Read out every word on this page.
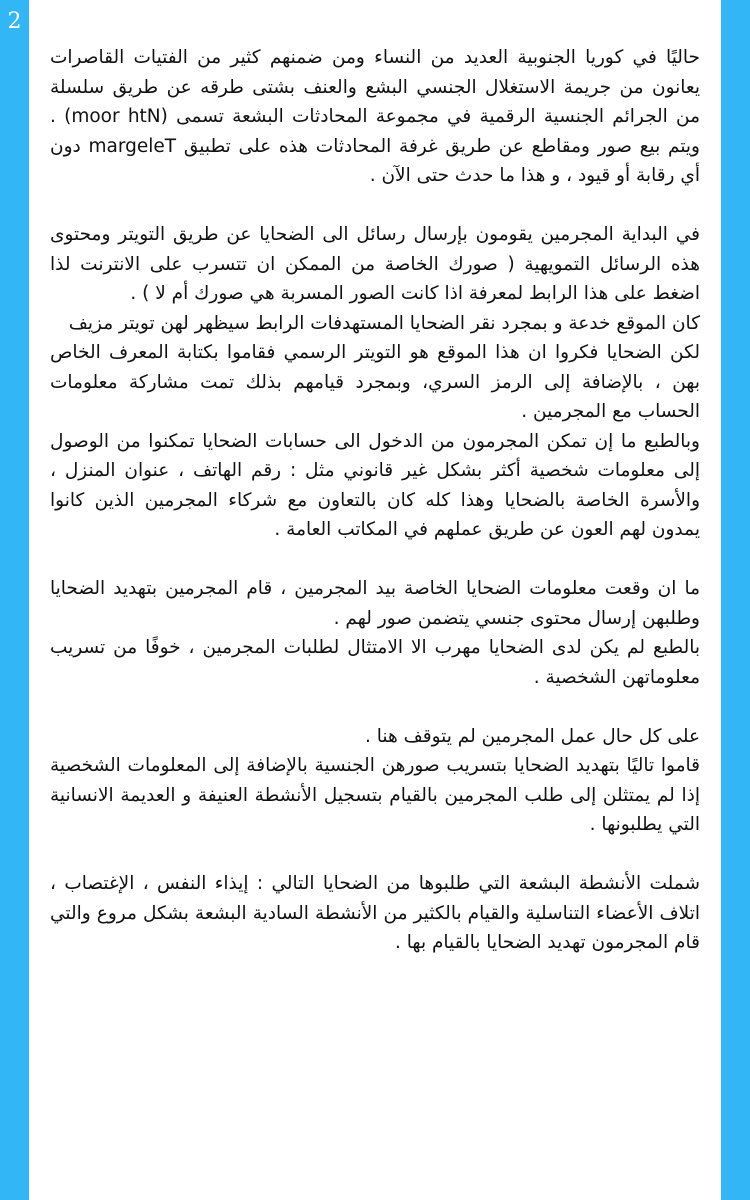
2

حاليًا في كوريا الجنوبية العديد من النساء ومن ضمنهم كثير من الفتيات القاصرات يعانون من جريمة الاستغلال الجنسي البشع والعنف بشتى طرقه عن طريق سلسلة من الجرائم الجنسية الرقمية في مجموعة المحادثات البشعة تسمى (moor htN) . ويتم بيع صور ومقاطع عن طريق غرفة المحادثات هذه على تطبيق margeleT دون أي رقابة أو قيود ، و هذا ما حدث حتى الآن .

في البداية المجرمين يقومون بإرسال رسائل الى الضحايا عن طريق التويتر ومحتوى هذه الرسائل التمويهية ( صورك الخاصة من الممكن ان تتسرب على الانترنت لذا اضغط على هذا الرابط لمعرفة اذا كانت الصور المسربة هي صورك أم لا ) .

كان الموقع خدعة و بمجرد نقر الضحايا المستهدفات الرابط سيظهر لهن تويتر مزيف

لكن الضحايا فكروا ان هذا الموقع هو التويتر الرسمي فقاموا بكتابة المعرف الخاص بهن ، بالإضافة إلى الرمز السري، وبمجرد قيامهم بذلك تمت مشاركة معلومات الحساب مع المجرمين .

وبالطبع ما إن تمكن المجرمون من الدخول الى حسابات الضحايا تمكنوا من الوصول إلى معلومات شخصية أكثر بشكل غير قانوني مثل : رقم الهاتف ، عنوان المنزل ، والأسرة الخاصة بالضحايا وهذا كله كان بالتعاون مع شركاء المجرمين الذين كانوا يمدون لهم العون عن طريق عملهم في المكاتب العامة .

ما ان وقعت معلومات الضحايا الخاصة بيد المجرمين ، قام المجرمين بتهديد الضحايا وطلبهن إرسال محتوى جنسي يتضمن صور لهم .

بالطبع لم يكن لدى الضحايا مهرب الا الامتثال لطلبات المجرمين ، خوفًا من تسريب معلوماتهن الشخصية .

على كل حال عمل المجرمين لم يتوقف هنا .

قاموا تاليًا بتهديد الضحايا بتسريب صورهن الجنسية بالإضافة إلى المعلومات الشخصية إذا لم يمتثلن إلى طلب المجرمين بالقيام بتسجيل الأنشطة العنيفة و العديمة الانسانية التي يطلبونها .

شملت الأنشطة البشعة التي طلبوها من الضحايا التالي : إيذاء النفس ، الإغتصاب ، اتلاف الأعضاء التناسلية والقيام بالكثير من الأنشطة السادية البشعة بشكل مروع والتي قام المجرمون تهديد الضحايا بالقيام بها .
